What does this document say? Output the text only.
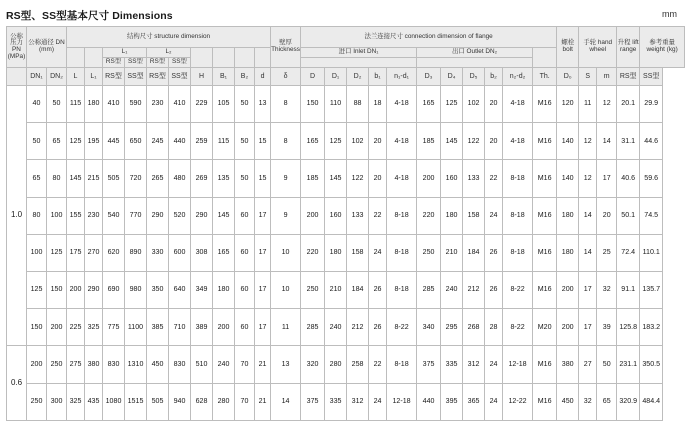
RS型、SS型基本尺寸 Dimensions	mm
公称压力 PN (MPa)	公称通径 DN (mm)		结构尺寸 structure dimension										壁厚 Thickness	法兰连接尺寸 connection dimension of flange											螺栓 bolt	手轮 hand wheel		升程 lift range	参考重量 weight (kg)
					L₁		L₂							进口 Inlet DN₁					出口 Outlet DN₂										
					RS型	SS型	RS型	SS型																					
	DN₁	DN₂	L	L₁	RS型	SS型	RS型	SS型	H	B₁	B₂	d	δ	D	D₁	D₂	b₁	n₁-d₁	D₃	D₄	D₅	b₂	n₂-d₂	Th.	D₀	S	m	RS型	SS型
1.0	40	50	115	180	410	590	230	410	229	105	50	13	8	150	110	88	18	4-18	165	125	102	20	4-18	M16	120	11	12	20.1	29.9
	50	65	125	195	445	650	245	440	259	115	50	15	8	165	125	102	20	4-18	185	145	122	20	4-18	M16	140	12	14	31.1	44.6
	65	80	145	215	505	720	265	480	269	135	50	15	9	185	145	122	20	4-18	200	160	133	22	8-18	M16	140	12	17	40.6	59.6
	80	100	155	230	540	770	290	520	290	145	60	17	9	200	160	133	22	8-18	220	180	158	24	8-18	M16	180	14	20	50.1	74.5
	100	125	175	270	620	890	330	600	308	165	60	17	10	220	180	158	24	8-18	250	210	184	26	8-18	M16	180	14	25	72.4	110.1
	125	150	200	290	690	980	350	640	349	180	60	17	10	250	210	184	26	8-18	285	240	212	26	8-22	M16	200	17	32	91.1	135.7
	150	200	225	325	775	1100	385	710	389	200	60	17	11	285	240	212	26	8-22	340	295	268	28	8-22	M20	200	17	39	125.8	183.2
0.6	200	250	275	380	830	1310	450	830	510	240	70	21	13	320	280	258	22	8-18	375	335	312	24	12-18	M16	380	27	50	231.1	350.5
	250	300	325	435	1080	1515	505	940	628	280	70	21	14	375	335	312	24	12-18	440	395	365	24	12-22	M16	450	32	65	320.9	484.4
